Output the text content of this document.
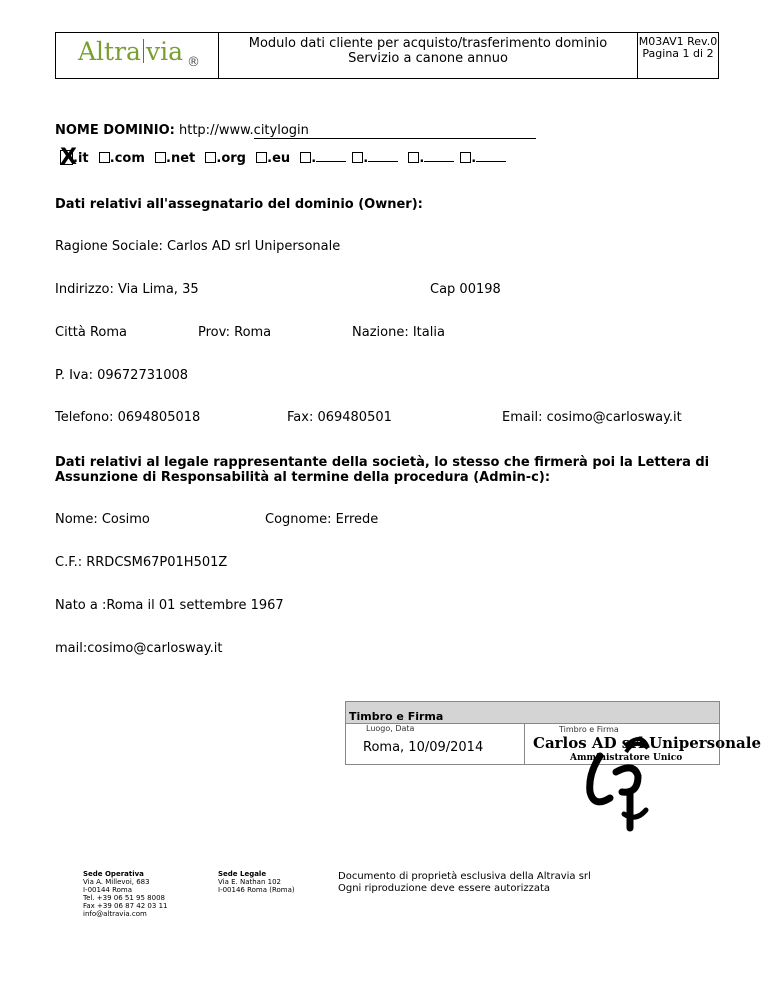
Altra via ®
Modulo dati cliente per acquisto/trasferimento dominio
Servizio a canone annuo
M03AV1 Rev.0
Pagina 1 di 2
NOME DOMINIO: http://www.citylogin
X
.it .com .net .org .eu .	.	.	.
Dati relativi all'assegnatario del dominio (Owner):
Ragione Sociale: Carlos AD srl Unipersonale
Indirizzo: Via Lima, 35	Cap 00198
Città Roma	Prov: Roma	Nazione: Italia
P. Iva: 09672731008
Telefono: 0694805018	Fax: 069480501	Email: cosimo@carlosway.it
Dati relativi al legale rappresentante della società, lo stesso che firmerà poi la Lettera di
Assunzione di Responsabilità al termine della procedura (Admin-c):
Nome: Cosimo	Cognome: Errede
C.F.: RRDCSM67P01H501Z
Nato a :Roma il 01 settembre 1967
mail:cosimo@carlosway.it
Timbro e Firma
Luogo, Data
Roma, 10/09/2014
Timbro e Firma
Carlos AD srl Unipersonale
Amministratore Unico
Sede Operativa
Via A. Millevoi, 683
I-00144 Roma
Tel. +39 06 51 95 8008
Fax +39 06 87 42 03 11
info@altravia.com
Sede Legale
Via E. Nathan 102
I-00146 Roma (Roma)
Documento di proprietà esclusiva della Altravia srl
Ogni riproduzione deve essere autorizzata
